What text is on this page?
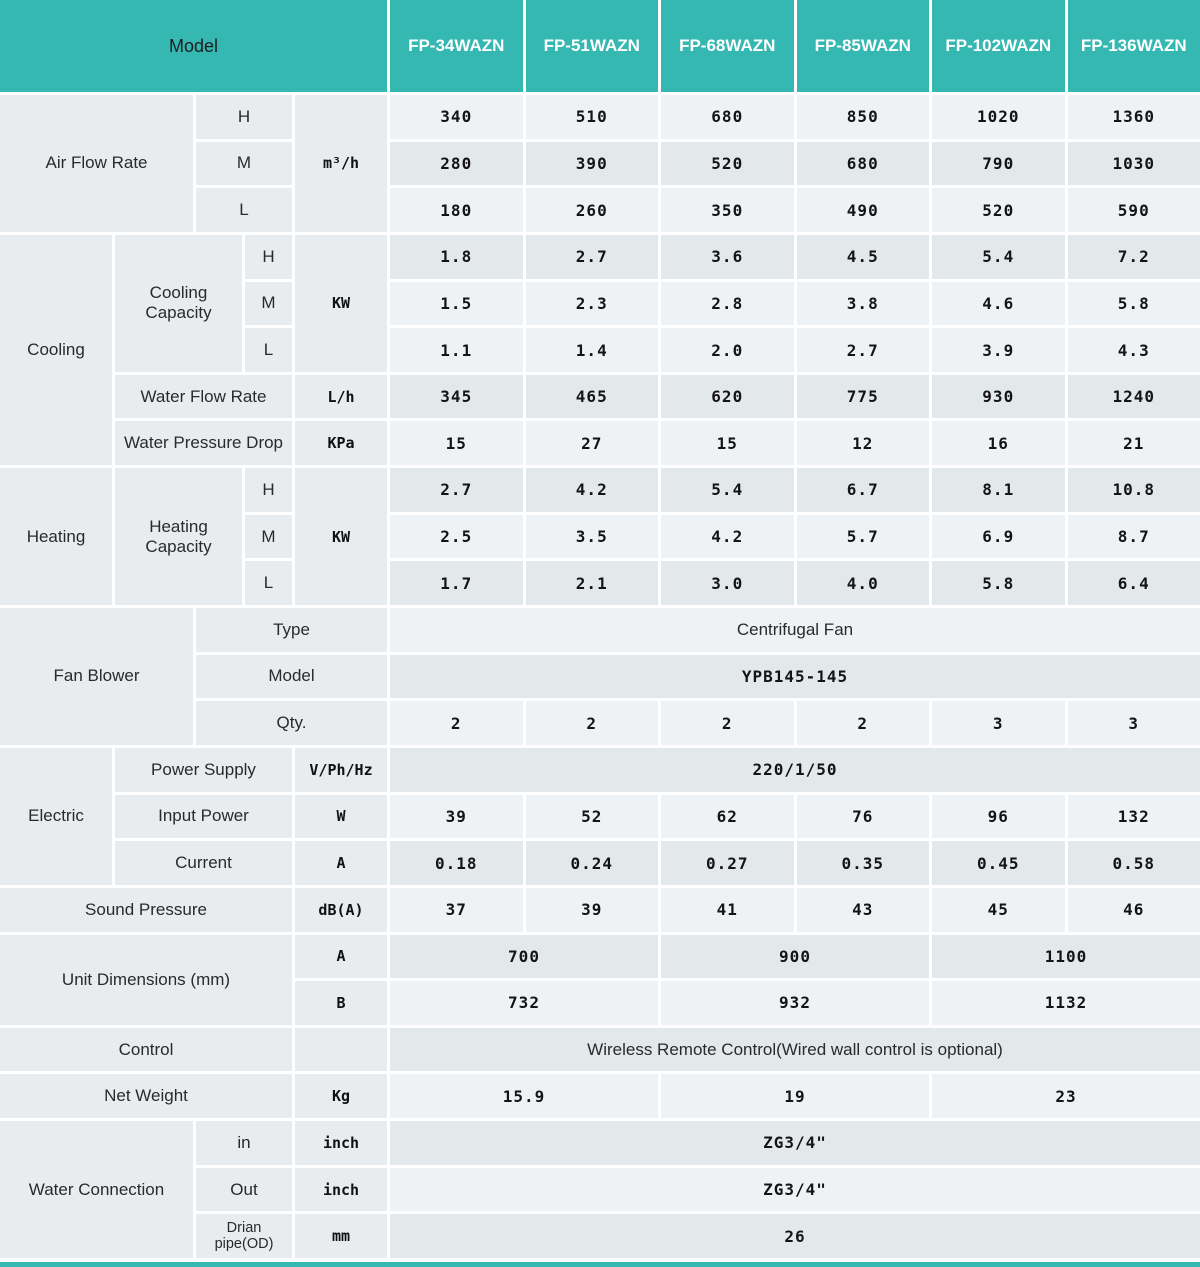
Model	FP-34WAZN	FP-51WAZN	FP-68WAZN	FP-85WAZN	FP-102WAZN	FP-136WAZN
Air Flow Rate	m³/h
H	340	510	680	850	1020	1360
M	280	390	520	680	790	1030
L	180	260	350	490	520	590
Cooling
Cooling Capacity	KW
H	1.8	2.7	3.6	4.5	5.4	7.2
M	1.5	2.3	2.8	3.8	4.6	5.8
L	1.1	1.4	2.0	2.7	3.9	4.3
Water Flow Rate	L/h	345	465	620	775	930	1240
Water Pressure Drop	KPa	15	27	15	12	16	21
Heating
Heating Capacity	KW
H	2.7	4.2	5.4	6.7	8.1	10.8
M	2.5	3.5	4.2	5.7	6.9	8.7
L	1.7	2.1	3.0	4.0	5.8	6.4
Fan Blower
Type	Centrifugal Fan
Model	YPB145-145
Qty.	2	2	2	2	3	3
Electric
Power Supply	V/Ph/Hz	220/1/50
Input Power	W	39	52	62	76	96	132
Current	A	0.18	0.24	0.27	0.35	0.45	0.58
Sound Pressure	dB(A)	37	39	41	43	45	46
Unit Dimensions (mm)
A	700	900	1100
B	732	932	1132
Control	Wireless Remote Control(Wired wall control is optional)
Net Weight	Kg	15.9	19	23
Water Connection
in	inch	ZG3/4"
Out	inch	ZG3/4"
Drian pipe(OD)	mm	26
